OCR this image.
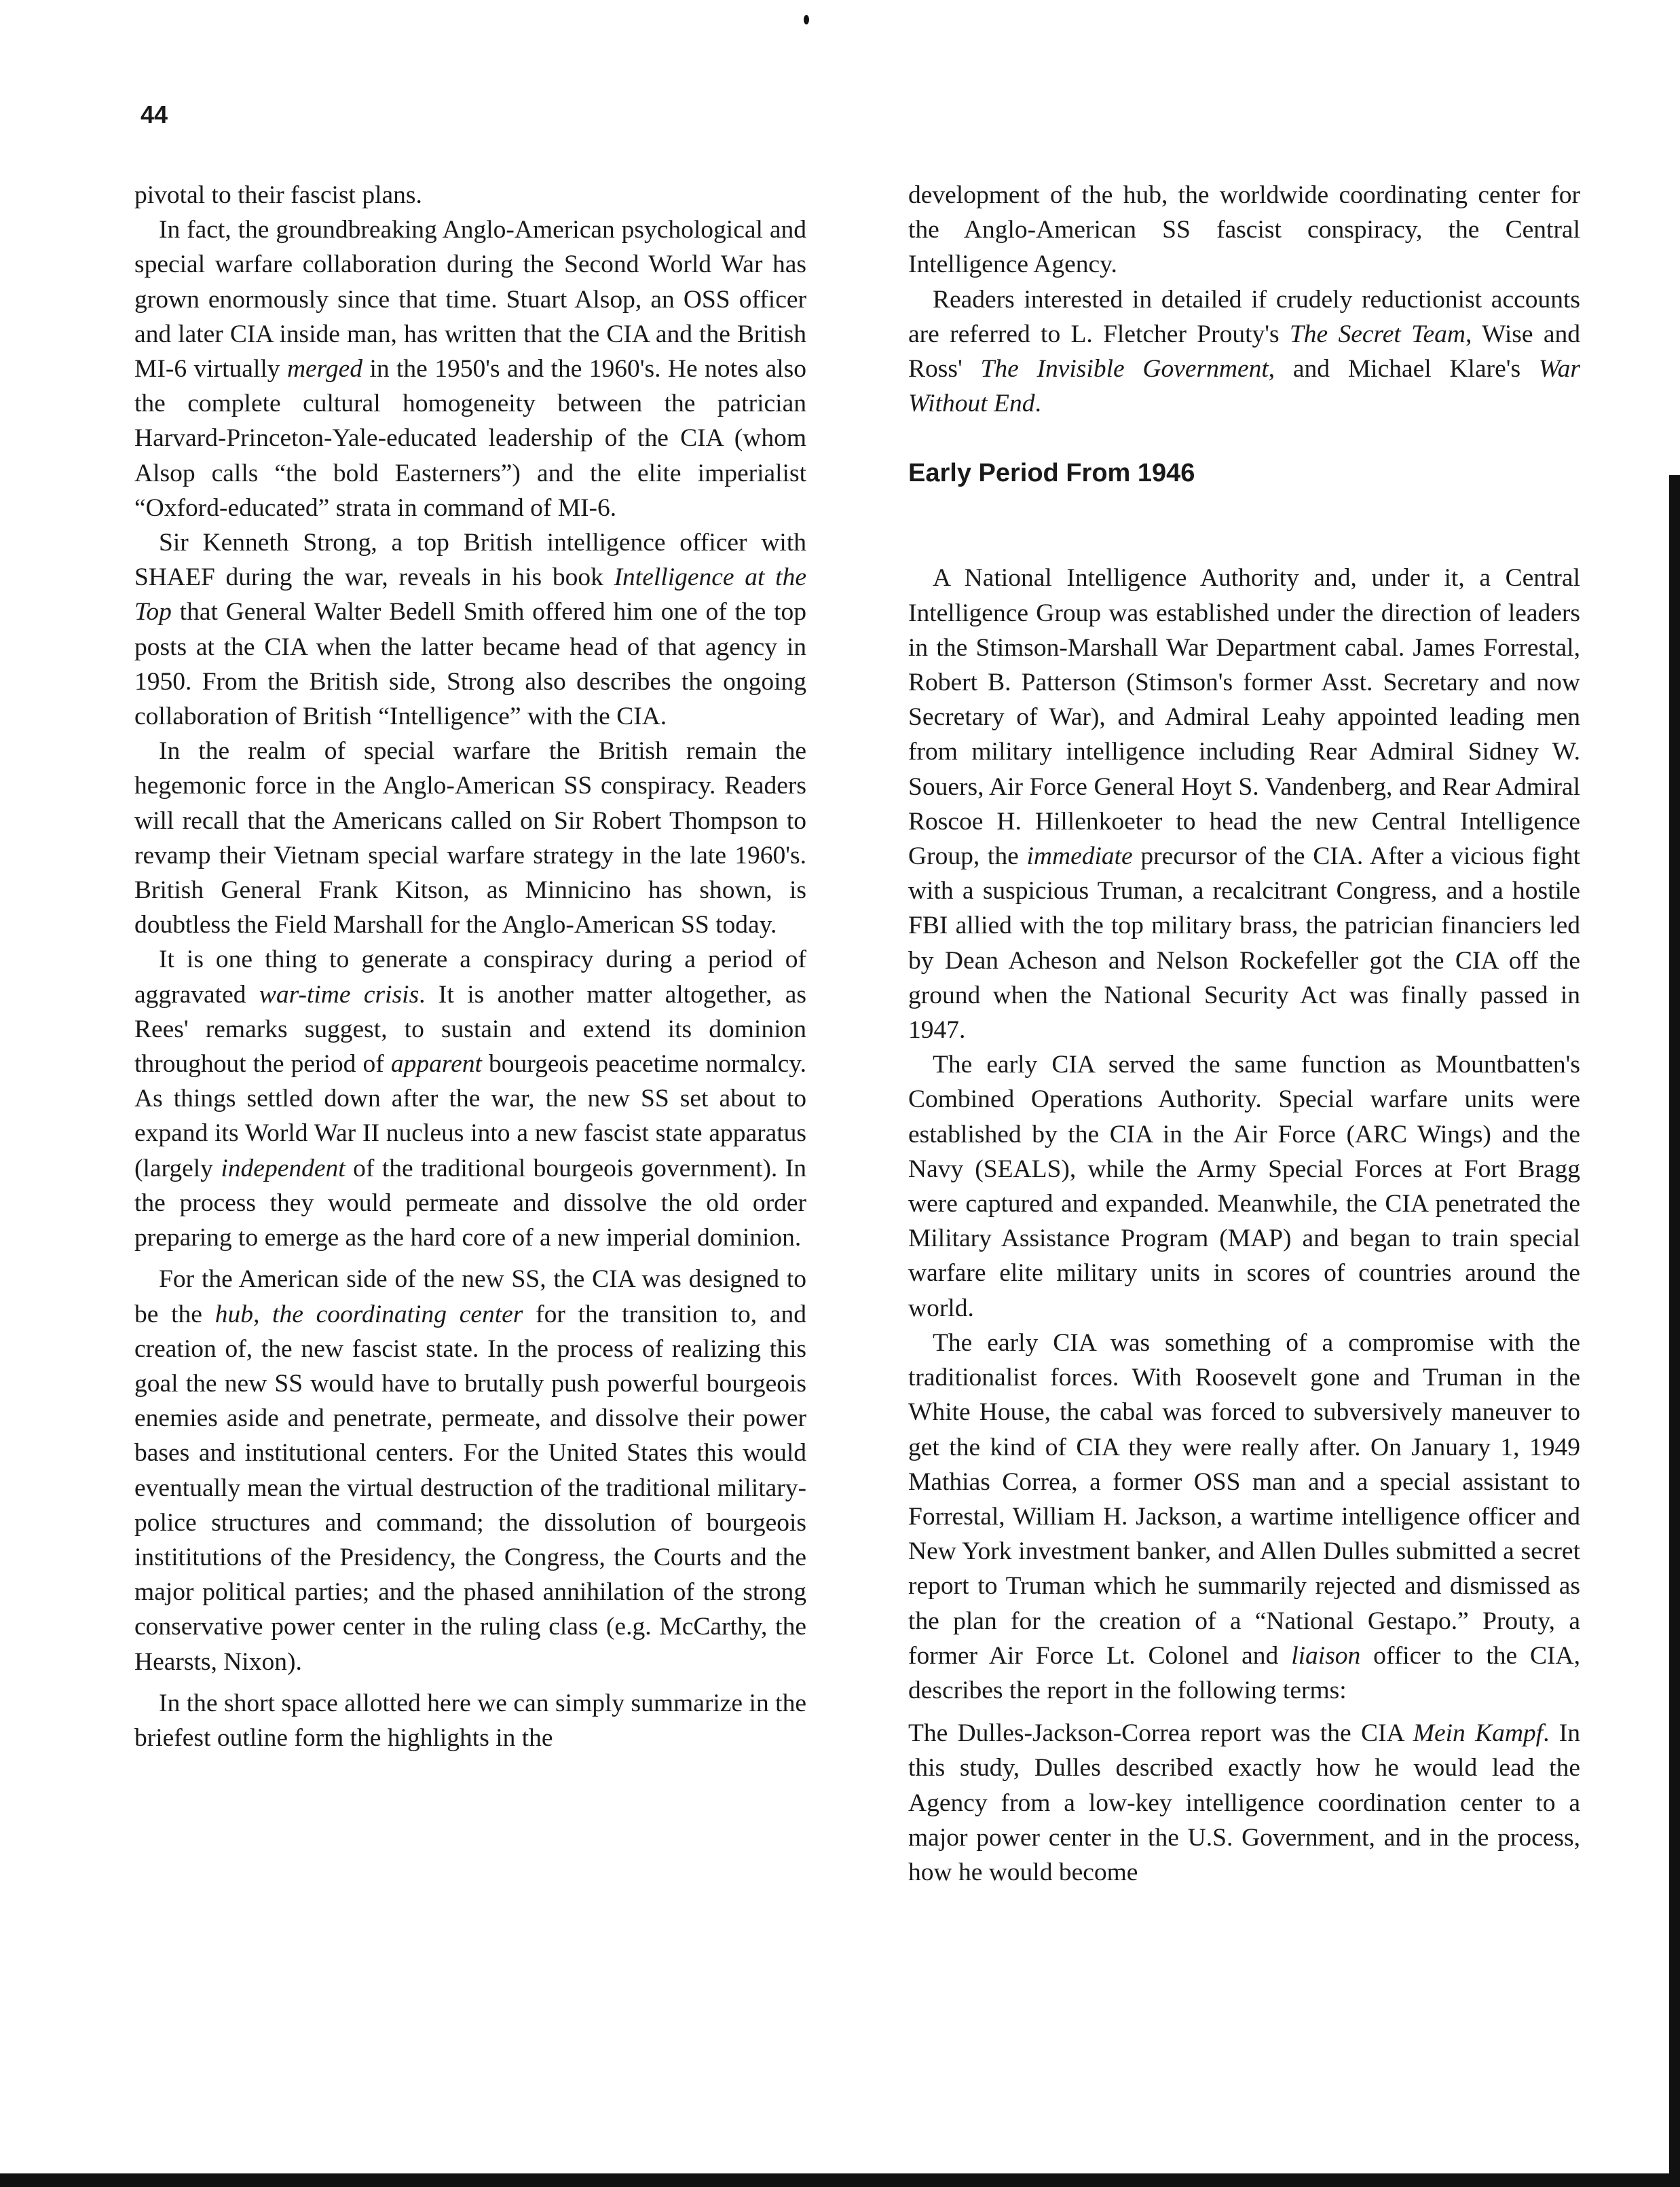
44

pivotal to their fascist plans.

In fact, the groundbreaking Anglo-American psychological and special warfare collaboration during the Second World War has grown enormously since that time. Stuart Alsop, an OSS officer and later CIA inside man, has written that the CIA and the British MI-6 virtually merged in the 1950's and the 1960's. He notes also the complete cultural homogeneity between the patrician Harvard-Princeton-Yale-educated leadership of the CIA (whom Alsop calls “the bold Easterners”) and the elite imperialist “Oxford-educated” strata in command of MI-6.

Sir Kenneth Strong, a top British intelligence officer with SHAEF during the war, reveals in his book Intelligence at the Top that General Walter Bedell Smith offered him one of the top posts at the CIA when the latter became head of that agency in 1950. From the British side, Strong also describes the ongoing collaboration of British “Intelligence” with the CIA.

In the realm of special warfare the British remain the hegemonic force in the Anglo-American SS conspiracy. Readers will recall that the Americans called on Sir Robert Thompson to revamp their Vietnam special warfare strategy in the late 1960's. British General Frank Kitson, as Minnicino has shown, is doubtless the Field Marshall for the Anglo-American SS today.

It is one thing to generate a conspiracy during a period of aggravated war-time crisis. It is another matter altogether, as Rees' remarks suggest, to sustain and extend its dominion throughout the period of apparent bourgeois peacetime normalcy. As things settled down after the war, the new SS set about to expand its World War II nucleus into a new fascist state apparatus (largely independent of the traditional bourgeois government). In the process they would permeate and dissolve the old order preparing to emerge as the hard core of a new imperial dominion.

For the American side of the new SS, the CIA was designed to be the hub, the coordinating center for the transition to, and creation of, the new fascist state. In the process of realizing this goal the new SS would have to brutally push powerful bourgeois enemies aside and penetrate, permeate, and dissolve their power bases and institutional centers. For the United States this would eventually mean the virtual destruction of the traditional military-police structures and command; the dissolution of bourgeois instititutions of the Presidency, the Congress, the Courts and the major political parties; and the phased annihilation of the strong conservative power center in the ruling class (e.g. McCarthy, the Hearsts, Nixon).

In the short space allotted here we can simply summarize in the briefest outline form the highlights in the

development of the hub, the worldwide coordinating center for the Anglo-American SS fascist conspiracy, the Central Intelligence Agency.

Readers interested in detailed if crudely reductionist accounts are referred to L. Fletcher Prouty's The Secret Team, Wise and Ross' The Invisible Government, and Michael Klare's War Without End.

Early Period From 1946

A National Intelligence Authority and, under it, a Central Intelligence Group was established under the direction of leaders in the Stimson-Marshall War Department cabal. James Forrestal, Robert B. Patterson (Stimson's former Asst. Secretary and now Secretary of War), and Admiral Leahy appointed leading men from military intelligence including Rear Admiral Sidney W. Souers, Air Force General Hoyt S. Vandenberg, and Rear Admiral Roscoe H. Hillenkoeter to head the new Central Intelligence Group, the immediate precursor of the CIA. After a vicious fight with a suspicious Truman, a recalcitrant Congress, and a hostile FBI allied with the top military brass, the patrician financiers led by Dean Acheson and Nelson Rockefeller got the CIA off the ground when the National Security Act was finally passed in 1947.

The early CIA served the same function as Mountbatten's Combined Operations Authority. Special warfare units were established by the CIA in the Air Force (ARC Wings) and the Navy (SEALS), while the Army Special Forces at Fort Bragg were captured and expanded. Meanwhile, the CIA penetrated the Military Assistance Program (MAP) and began to train special warfare elite military units in scores of countries around the world.

The early CIA was something of a compromise with the traditionalist forces. With Roosevelt gone and Truman in the White House, the cabal was forced to subversively maneuver to get the kind of CIA they were really after. On January 1, 1949 Mathias Correa, a former OSS man and a special assistant to Forrestal, William H. Jackson, a wartime intelligence officer and New York investment banker, and Allen Dulles submitted a secret report to Truman which he summarily rejected and dismissed as the plan for the creation of a “National Gestapo.” Prouty, a former Air Force Lt. Colonel and liaison officer to the CIA, describes the report in the following terms:

The Dulles-Jackson-Correa report was the CIA Mein Kampf. In this study, Dulles described exactly how he would lead the Agency from a low-key intelligence coordination center to a major power center in the U.S. Government, and in the process, how he would become
